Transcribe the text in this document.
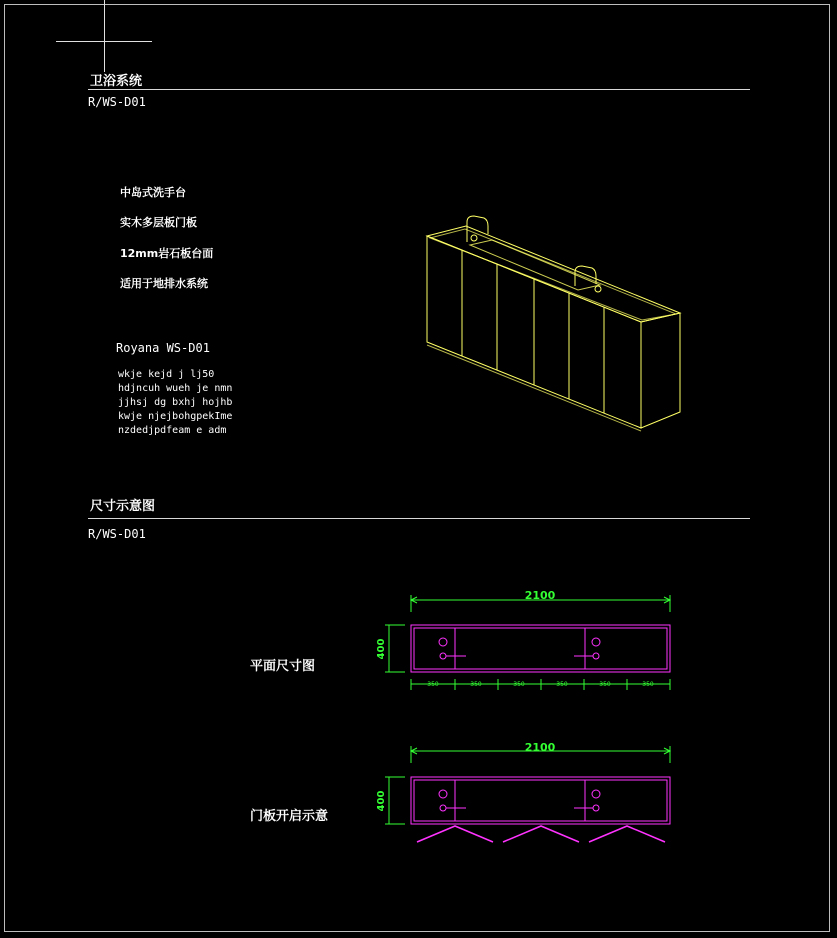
卫浴系统
R/WS-D01
中岛式洗手台
实木多层板门板
12mm岩石板台面
适用于地排水系统
Royana WS-D01
wkje kejd j lj50
hdjncuh wueh je nmn
jjhsj dg bxhj hojhb
kwje njejbohgpekIme
nzdedjpdfeam e adm
尺寸示意图
R/WS-D01
平面尺寸图
门板开启示意
2100
400
350	350	350	350	350	350
2100
400
